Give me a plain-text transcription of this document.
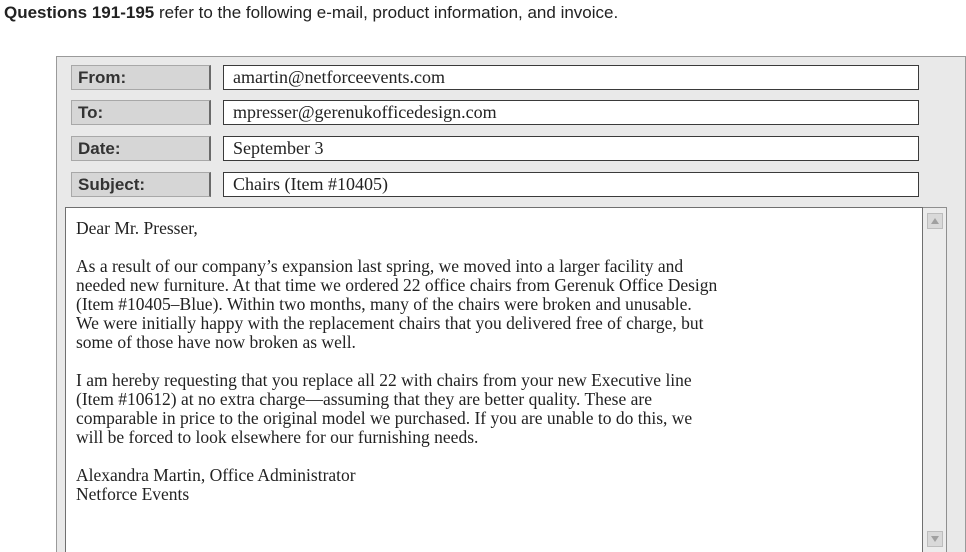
Questions 191-195 refer to the following e-mail, product information, and invoice.
From:	amartin@netforceevents.com
To:	mpresser@gerenukofficedesign.com
Date:	September 3
Subject:	Chairs (Item #10405)

Dear Mr. Presser,

As a result of our company’s expansion last spring, we moved into a larger facility and
needed new furniture. At that time we ordered 22 office chairs from Gerenuk Office Design
(Item #10405–Blue). Within two months, many of the chairs were broken and unusable.
We were initially happy with the replacement chairs that you delivered free of charge, but
some of those have now broken as well.

I am hereby requesting that you replace all 22 with chairs from your new Executive line
(Item #10612) at no extra charge—assuming that they are better quality. These are
comparable in price to the original model we purchased. If you are unable to do this, we
will be forced to look elsewhere for our furnishing needs.

Alexandra Martin, Office Administrator
Netforce Events
